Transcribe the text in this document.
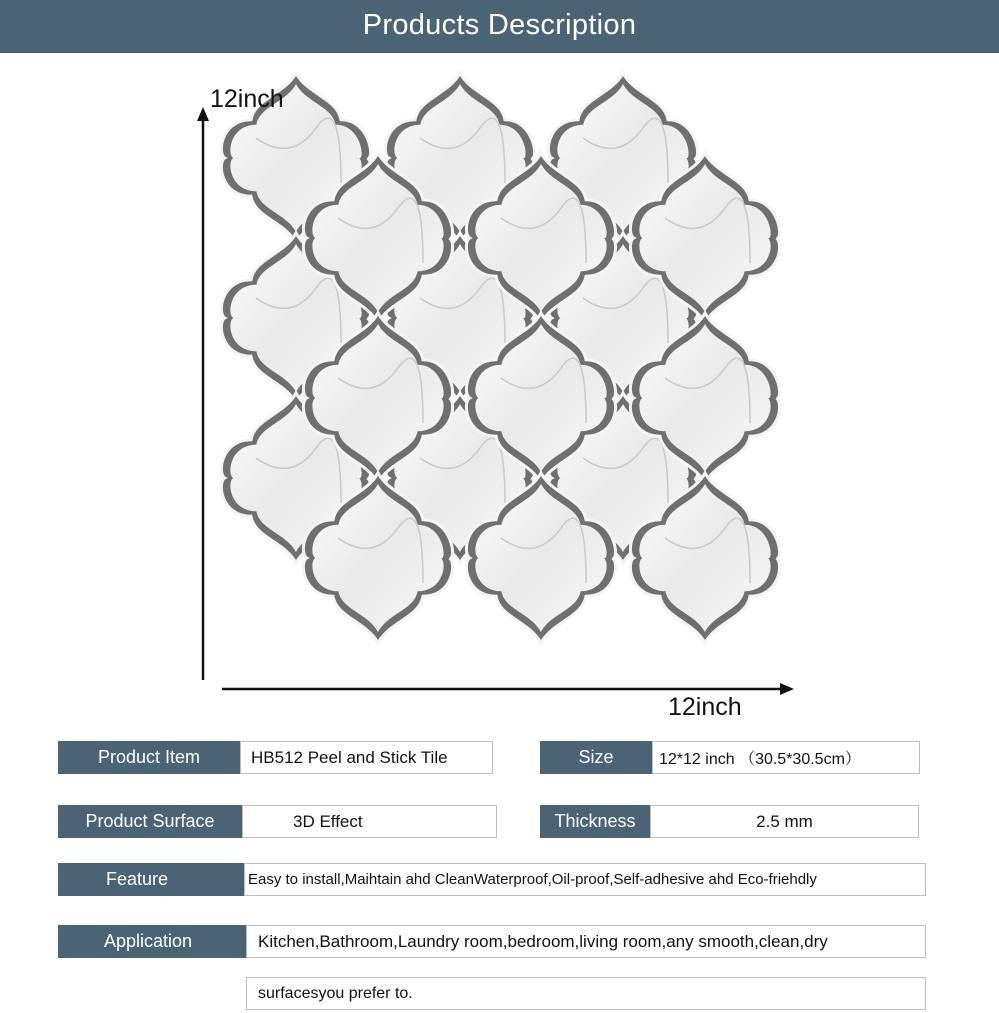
Products Description
12inch
12inch
Product Item	HB512 Peel and Stick Tile	Size	12*12 inch （30.5*30.5cm）
Product Surface	3D Effect	Thickness	2.5 mm
Feature	Easy to install,Maihtain ahd CleanWaterproof,Oil-proof,Self-adhesive ahd Eco-friehdly
Application	Kitchen,Bathroom,Laundry room,bedroom,living room,any smooth,clean,dry
surfacesyou prefer to.
